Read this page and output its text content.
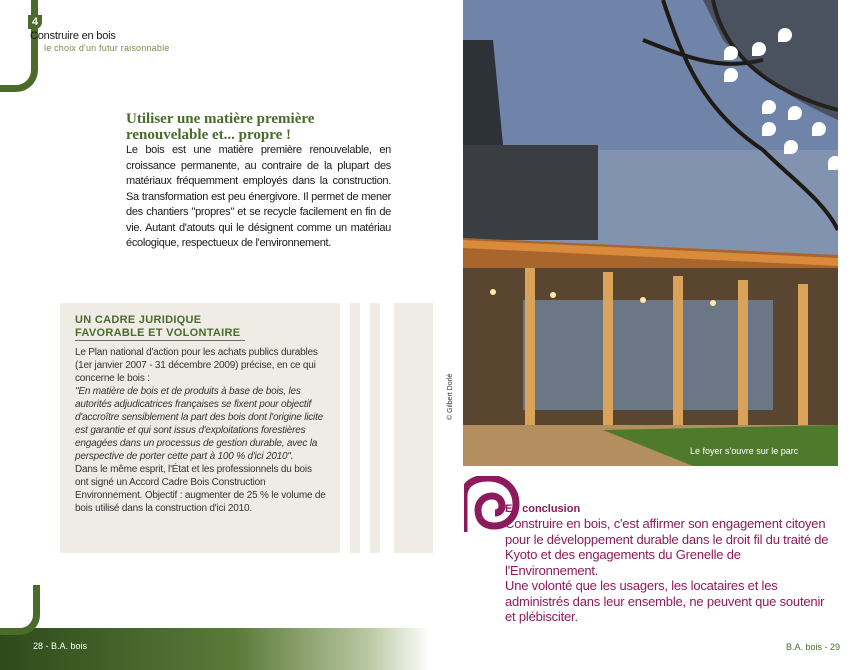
4
Construire en bois
le choix d'un futur raisonnable
Utiliser une matière première
renouvelable et... propre !
Le bois est une matière première renouvelable, en croissance permanente, au contraire de la plupart des matériaux fréquemment employés dans la construction. Sa transformation est peu énergivore. Il permet de mener des chantiers "propres" et se recycle facilement en fin de vie. Autant d'atouts qui le désignent comme un matériau écologique, respectueux de l'environnement.
UN CADRE JURIDIQUE
FAVORABLE ET VOLONTAIRE
Le Plan national d'action pour les achats publics durables (1er janvier 2007 - 31 décembre 2009) précise, en ce qui concerne le bois :
"En matière de bois et de produits à base de bois, les autorités adjudicatrices françaises se fixent pour objectif d'accroître sensiblement la part des bois dont l'origine licite est garantie et qui sont issus d'exploitations forestières engagées dans un processus de gestion durable, avec la perspective de porter cette part à 100 % d'ici 2010".
Dans le même esprit, l'État et les professionnels du bois ont signé un Accord Cadre Bois Construction Environnement. Objectif : augmenter de 25 % le volume de bois utilisé dans la construction d'ici 2010.
28 - B.A. bois
© Gilbert Dorlé
Le foyer s'ouvre sur le parc
En conclusion
Construire en bois, c'est affirmer son engagement citoyen pour le développement durable dans le droit fil du traité de Kyoto et des engagements du Grenelle de l'Environnement.
Une volonté que les usagers, les locataires et les administrés dans leur ensemble, ne peuvent que soutenir et plébisciter.
B.A. bois - 29
